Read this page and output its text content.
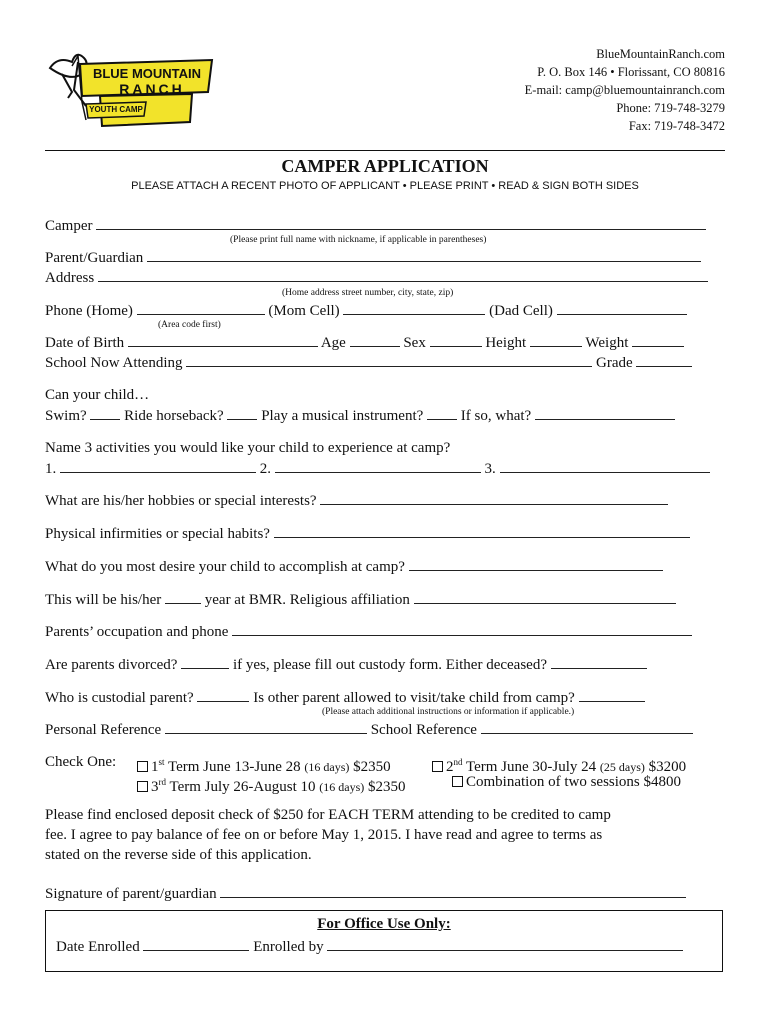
BLUE MOUNTAIN
RANCH
YOUTH CAMP
BlueMountainRanch.com
P. O. Box 146 • Florissant, CO 80816
E-mail: camp@bluemountainranch.com
Phone: 719-748-3279
Fax: 719-748-3472
CAMPER APPLICATION
PLEASE ATTACH A RECENT PHOTO OF APPLICANT • PLEASE PRINT • READ & SIGN BOTH SIDES
Camper
(Please print full name with nickname, if applicable in parentheses)
Parent/Guardian
Address
(Home address street number, city, state, zip)
Phone (Home)	(Mom Cell)	(Dad Cell)
(Area code first)
Date of Birth	Age	Sex	Height	Weight
School Now Attending	Grade
Can your child…
Swim?	Ride horseback?	Play a musical instrument?	If so, what?
Name 3 activities you would like your child to experience at camp?
1.	2.	3.
What are his/her hobbies or special interests?
Physical infirmities or special habits?
What do you most desire your child to accomplish at camp?
This will be his/her	year at BMR. Religious affiliation
Parents’ occupation and phone
Are parents divorced?	if yes, please fill out custody form. Either deceased?
Who is custodial parent?	Is other parent allowed to visit/take child from camp?
(Please attach additional instructions or information if applicable.)
Personal Reference	School Reference
Check One:	1st Term June 13-June 28 (16 days) $2350	2nd Term June 30-July 24 (25 days) $3200
3rd Term July 26-August 10 (16 days) $2350	Combination of two sessions $4800
Please find enclosed deposit check of $250 for EACH TERM attending to be credited to camp
fee. I agree to pay balance of fee on or before May 1, 2015. I have read and agree to terms as
stated on the reverse side of this application.
Signature of parent/guardian
For Office Use Only:
Date Enrolled	Enrolled by
